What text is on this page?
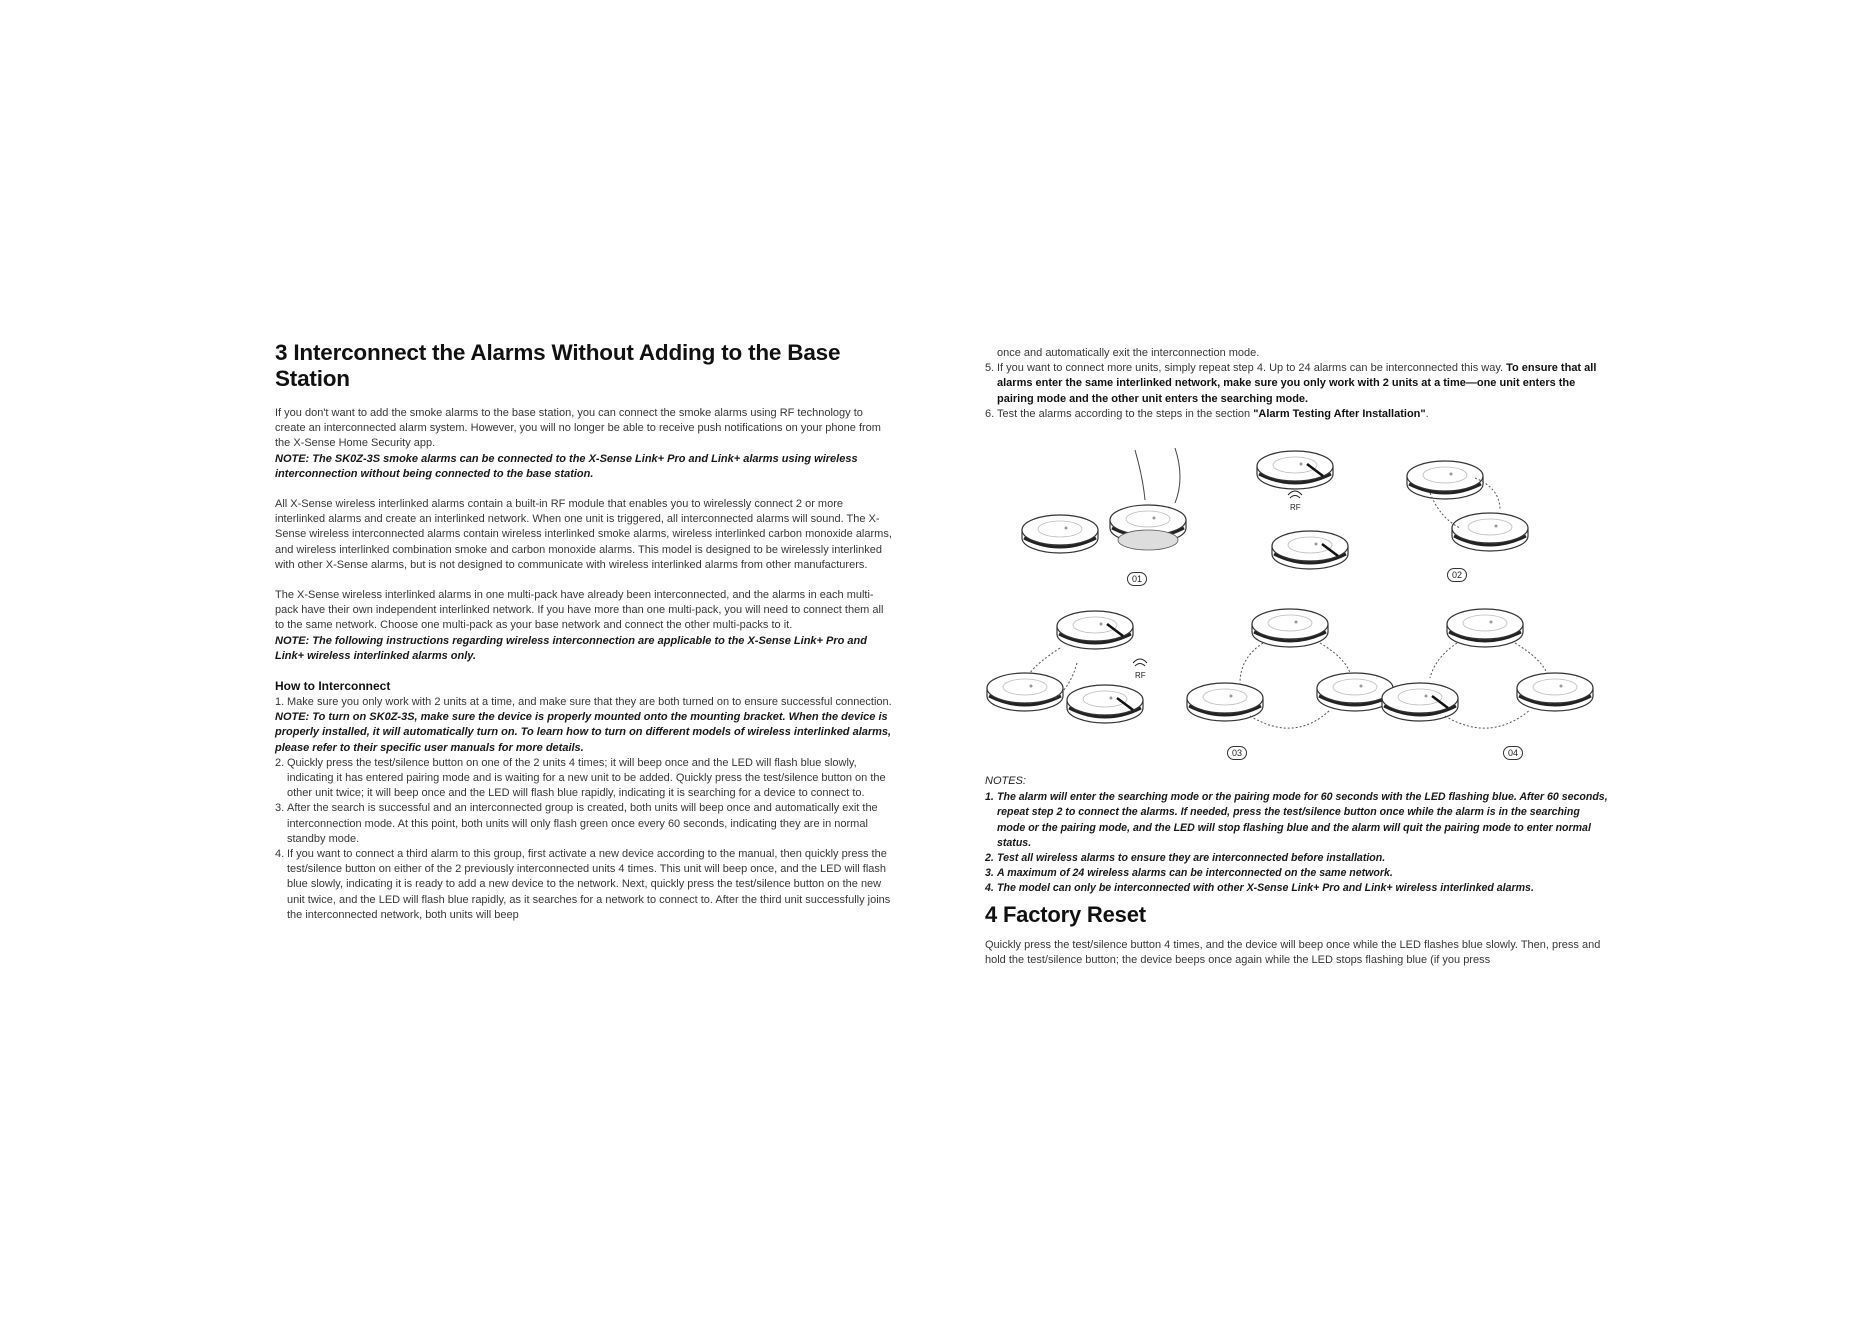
3 Interconnect the Alarms Without Adding to the Base Station

If you don't want to add the smoke alarms to the base station, you can connect the smoke alarms using RF technology to create an interconnected alarm system. However, you will no longer be able to receive push notifications on your phone from the X-Sense Home Security app.

NOTE: The SK0Z-3S smoke alarms can be connected to the X-Sense Link+ Pro and Link+ alarms using wireless interconnection without being connected to the base station.

All X-Sense wireless interlinked alarms contain a built-in RF module that enables you to wirelessly connect 2 or more interlinked alarms and create an interlinked network. When one unit is triggered, all interconnected alarms will sound. The X-Sense wireless interconnected alarms contain wireless interlinked smoke alarms, wireless interlinked carbon monoxide alarms, and wireless interlinked combination smoke and carbon monoxide alarms. This model is designed to be wirelessly interlinked with other X-Sense alarms, but is not designed to communicate with wireless interlinked alarms from other manufacturers.

The X-Sense wireless interlinked alarms in one multi-pack have already been interconnected, and the alarms in each multi-pack have their own independent interlinked network. If you have more than one multi-pack, you will need to connect them all to the same network. Choose one multi-pack as your base network and connect the other multi-packs to it.

NOTE: The following instructions regarding wireless interconnection are applicable to the X-Sense Link+ Pro and Link+ wireless interlinked alarms only.

How to Interconnect
1. Make sure you only work with 2 units at a time, and make sure that they are both turned on to ensure successful connection.

NOTE: To turn on SK0Z-3S, make sure the device is properly mounted onto the mounting bracket. When the device is properly installed, it will automatically turn on. To learn how to turn on different models of wireless interlinked alarms, please refer to their specific user manuals for more details.

2. Quickly press the test/silence button on one of the 2 units 4 times; it will beep once and the LED will flash blue slowly, indicating it has entered pairing mode and is waiting for a new unit to be added. Quickly press the test/silence button on the other unit twice; it will beep once and the LED will flash blue rapidly, indicating it is searching for a device to connect to.
3. After the search is successful and an interconnected group is created, both units will beep once and automatically exit the interconnection mode. At this point, both units will only flash green once every 60 seconds, indicating they are in normal standby mode.
4. If you want to connect a third alarm to this group, first activate a new device according to the manual, then quickly press the test/silence button on either of the 2 previously interconnected units 4 times. This unit will beep once, and the LED will flash blue slowly, indicating it is ready to add a new device to the network. Next, quickly press the test/silence button on the new unit twice, and the LED will flash blue rapidly, as it searches for a network to connect to. After the third unit successfully joins the interconnected network, both units will beep

once and automatically exit the interconnection mode.

5. If you want to connect more units, simply repeat step 4. Up to 24 alarms can be interconnected this way. To ensure that all alarms enter the same interlinked network, make sure you only work with 2 units at a time—one unit enters the pairing mode and the other unit enters the searching mode.
6. Test the alarms according to the steps in the section "Alarm Testing After Installation".
RF
RF
01	02
03	04

NOTES:

1. The alarm will enter the searching mode or the pairing mode for 60 seconds with the LED flashing blue. After 60 seconds, repeat step 2 to connect the alarms. If needed, press the test/silence button once while the alarm is in the searching mode or the pairing mode, and the LED will stop flashing blue and the alarm will quit the pairing mode to enter normal status.
2. Test all wireless alarms to ensure they are interconnected before installation.
3. A maximum of 24 wireless alarms can be interconnected on the same network.
4. The model can only be interconnected with other X-Sense Link+ Pro and Link+ wireless interlinked alarms.
4 Factory Reset

Quickly press the test/silence button 4 times, and the device will beep once while the LED flashes blue slowly. Then, press and hold the test/silence button; the device beeps once again while the LED stops flashing blue (if you press
